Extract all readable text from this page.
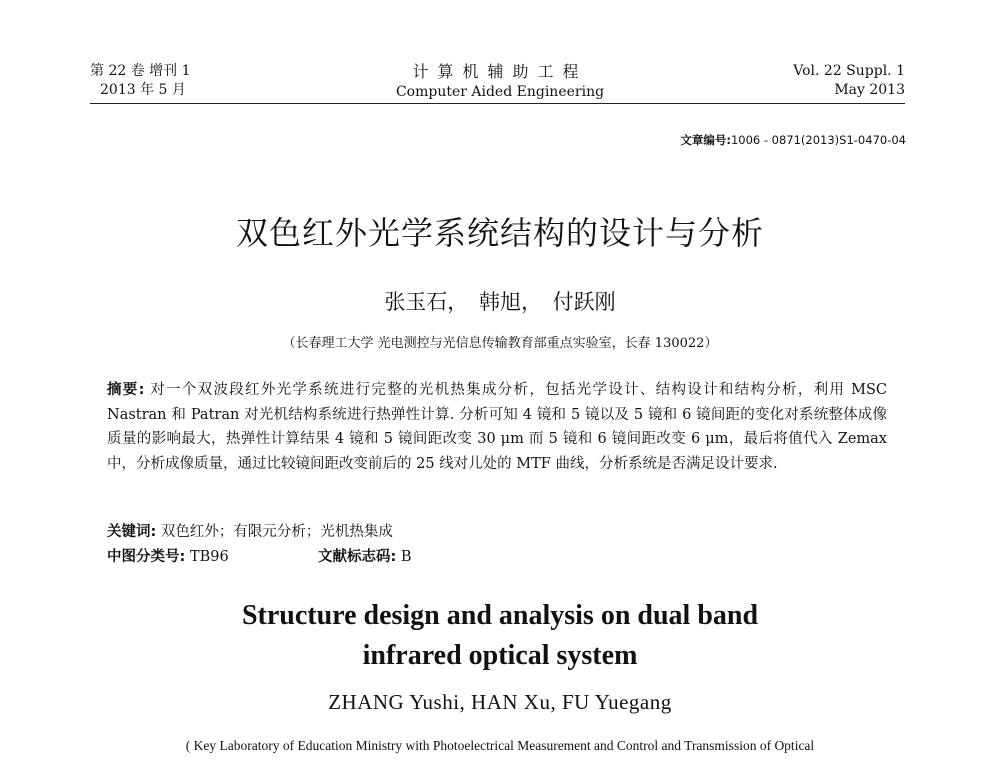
第 22 卷 增刊 1
2013 年 5 月
计算机辅助工程
Computer Aided Engineering
Vol. 22 Suppl. 1
May 2013
文章编号:1006 - 0871(2013)S1-0470-04
双色红外光学系统结构的设计与分析
张玉石， 韩旭， 付跃刚
（长春理工大学 光电测控与光信息传输教育部重点实验室，长春 130022）
摘要: 对一个双波段红外光学系统进行完整的光机热集成分析，包括光学设计、结构设计和结构分析，利用 MSC Nastran 和 Patran 对光机结构系统进行热弹性计算. 分析可知 4 镜和 5 镜以及 5 镜和 6 镜间距的变化对系统整体成像质量的影响最大，热弹性计算结果 4 镜和 5 镜间距改变 30 μm 而 5 镜和 6 镜间距改变 6 μm，最后将值代入 Zemax 中，分析成像质量，通过比较镜间距改变前后的 25 线对儿处的 MTF 曲线，分析系统是否满足设计要求.
关键词: 双色红外；有限元分析；光机热集成
中图分类号: TB96	文献标志码: B
Structure design and analysis on dual band
infrared optical system
ZHANG Yushi, HAN Xu, FU Yuegang
( Key Laboratory of Education Ministry with Photoelectrical Measurement and Control and Transmission of Optical
